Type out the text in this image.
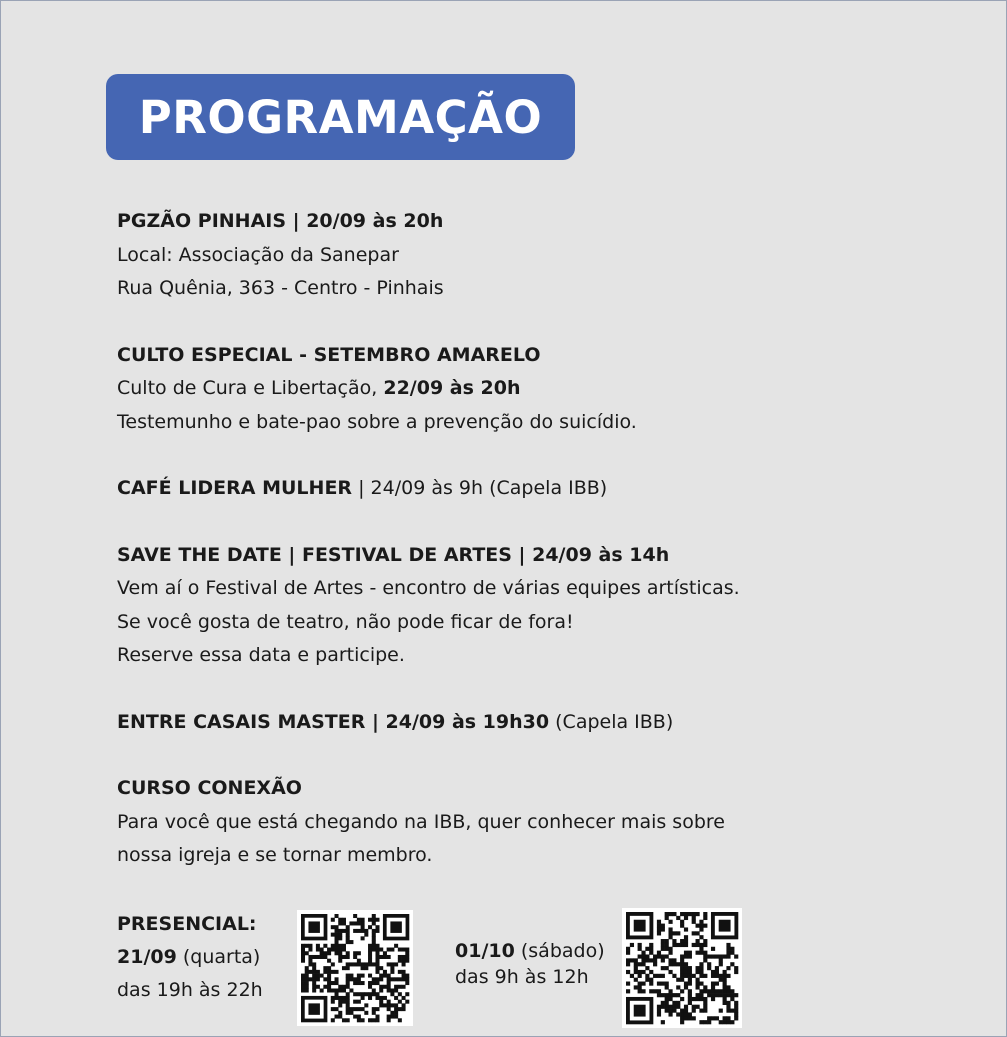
PROGRAMAÇÃO
PGZÃO PINHAIS | 20/09 às 20h
Local: Associação da Sanepar
Rua Quênia, 363 - Centro - Pinhais
CULTO ESPECIAL - SETEMBRO AMARELO
Culto de Cura e Libertação, 22/09 às 20h
Testemunho e bate-pao sobre a prevenção do suicídio.
CAFÉ LIDERA MULHER | 24/09 às 9h (Capela IBB)
SAVE THE DATE | FESTIVAL DE ARTES | 24/09 às 14h
Vem aí o Festival de Artes - encontro de várias equipes artísticas.
Se você gosta de teatro, não pode ficar de fora!
Reserve essa data e participe.
ENTRE CASAIS MASTER | 24/09 às 19h30 (Capela IBB)
CURSO CONEXÃO
Para você que está chegando na IBB, quer conhecer mais sobre
nossa igreja e se tornar membro.
PRESENCIAL:
21/09 (quarta)
das 19h às 22h
01/10 (sábado)
das 9h às 12h
